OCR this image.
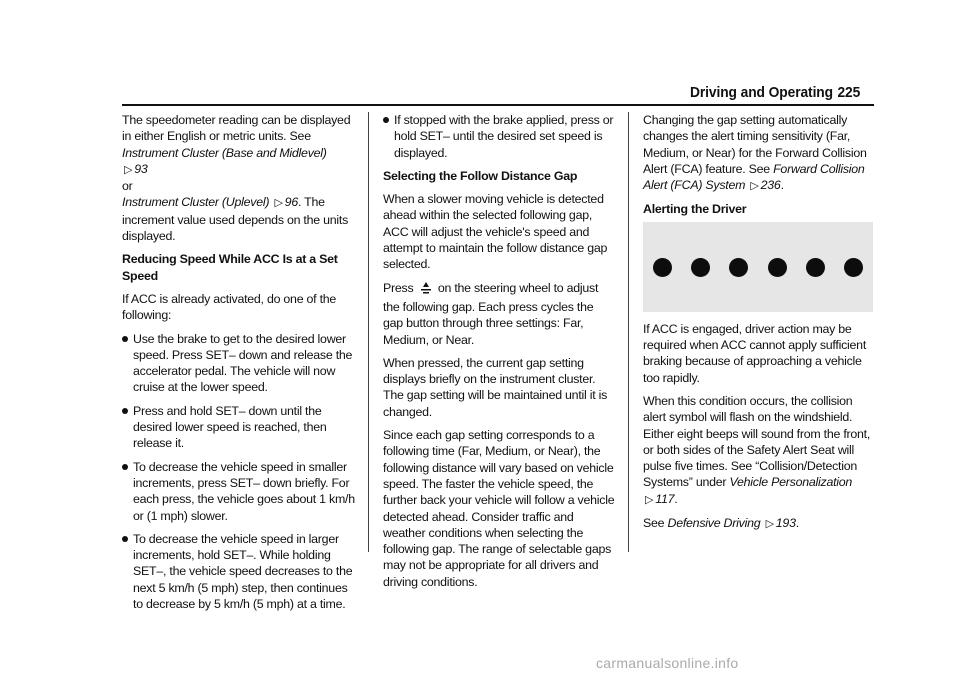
Driving and Operating 225

The speedometer reading can be displayed in either English or metric units. See Instrument Cluster (Base and Midlevel) ▷ 93
or
Instrument Cluster (Uplevel) ▷ 96. The increment value used depends on the units displayed.

Reducing Speed While ACC Is at a Set Speed

If ACC is already activated, do one of the following:

Use the brake to get to the desired lower speed. Press SET– down and release the accelerator pedal. The vehicle will now cruise at the lower speed.
Press and hold SET– down until the desired lower speed is reached, then release it.
To decrease the vehicle speed in smaller increments, press SET– down briefly. For each press, the vehicle goes about 1 km/h or (1 mph) slower.
To decrease the vehicle speed in larger increments, hold SET–. While holding SET–, the vehicle speed decreases to the next 5 km/h (5 mph) step, then continues to decrease by 5 km/h (5 mph) at a time.
If stopped with the brake applied, press or hold SET– until the desired set speed is displayed.

Selecting the Follow Distance Gap

When a slower moving vehicle is detected ahead within the selected following gap, ACC will adjust the vehicle's speed and attempt to maintain the follow distance gap selected.

Press on the steering wheel to adjust the following gap. Each press cycles the gap button through three settings: Far, Medium, or Near.

When pressed, the current gap setting displays briefly on the instrument cluster. The gap setting will be maintained until it is changed.

Since each gap setting corresponds to a following time (Far, Medium, or Near), the following distance will vary based on vehicle speed. The faster the vehicle speed, the further back your vehicle will follow a vehicle detected ahead. Consider traffic and weather conditions when selecting the following gap. The range of selectable gaps may not be appropriate for all drivers and driving conditions.

Changing the gap setting automatically changes the alert timing sensitivity (Far, Medium, or Near) for the Forward Collision Alert (FCA) feature. See Forward Collision Alert (FCA) System ▷ 236.

Alerting the Driver

If ACC is engaged, driver action may be required when ACC cannot apply sufficient braking because of approaching a vehicle too rapidly.

When this condition occurs, the collision alert symbol will flash on the windshield. Either eight beeps will sound from the front, or both sides of the Safety Alert Seat will pulse five times. See “Collision/Detection Systems” under Vehicle Personalization
▷ 117.

See Defensive Driving ▷ 193.

carmanualsonline.info
